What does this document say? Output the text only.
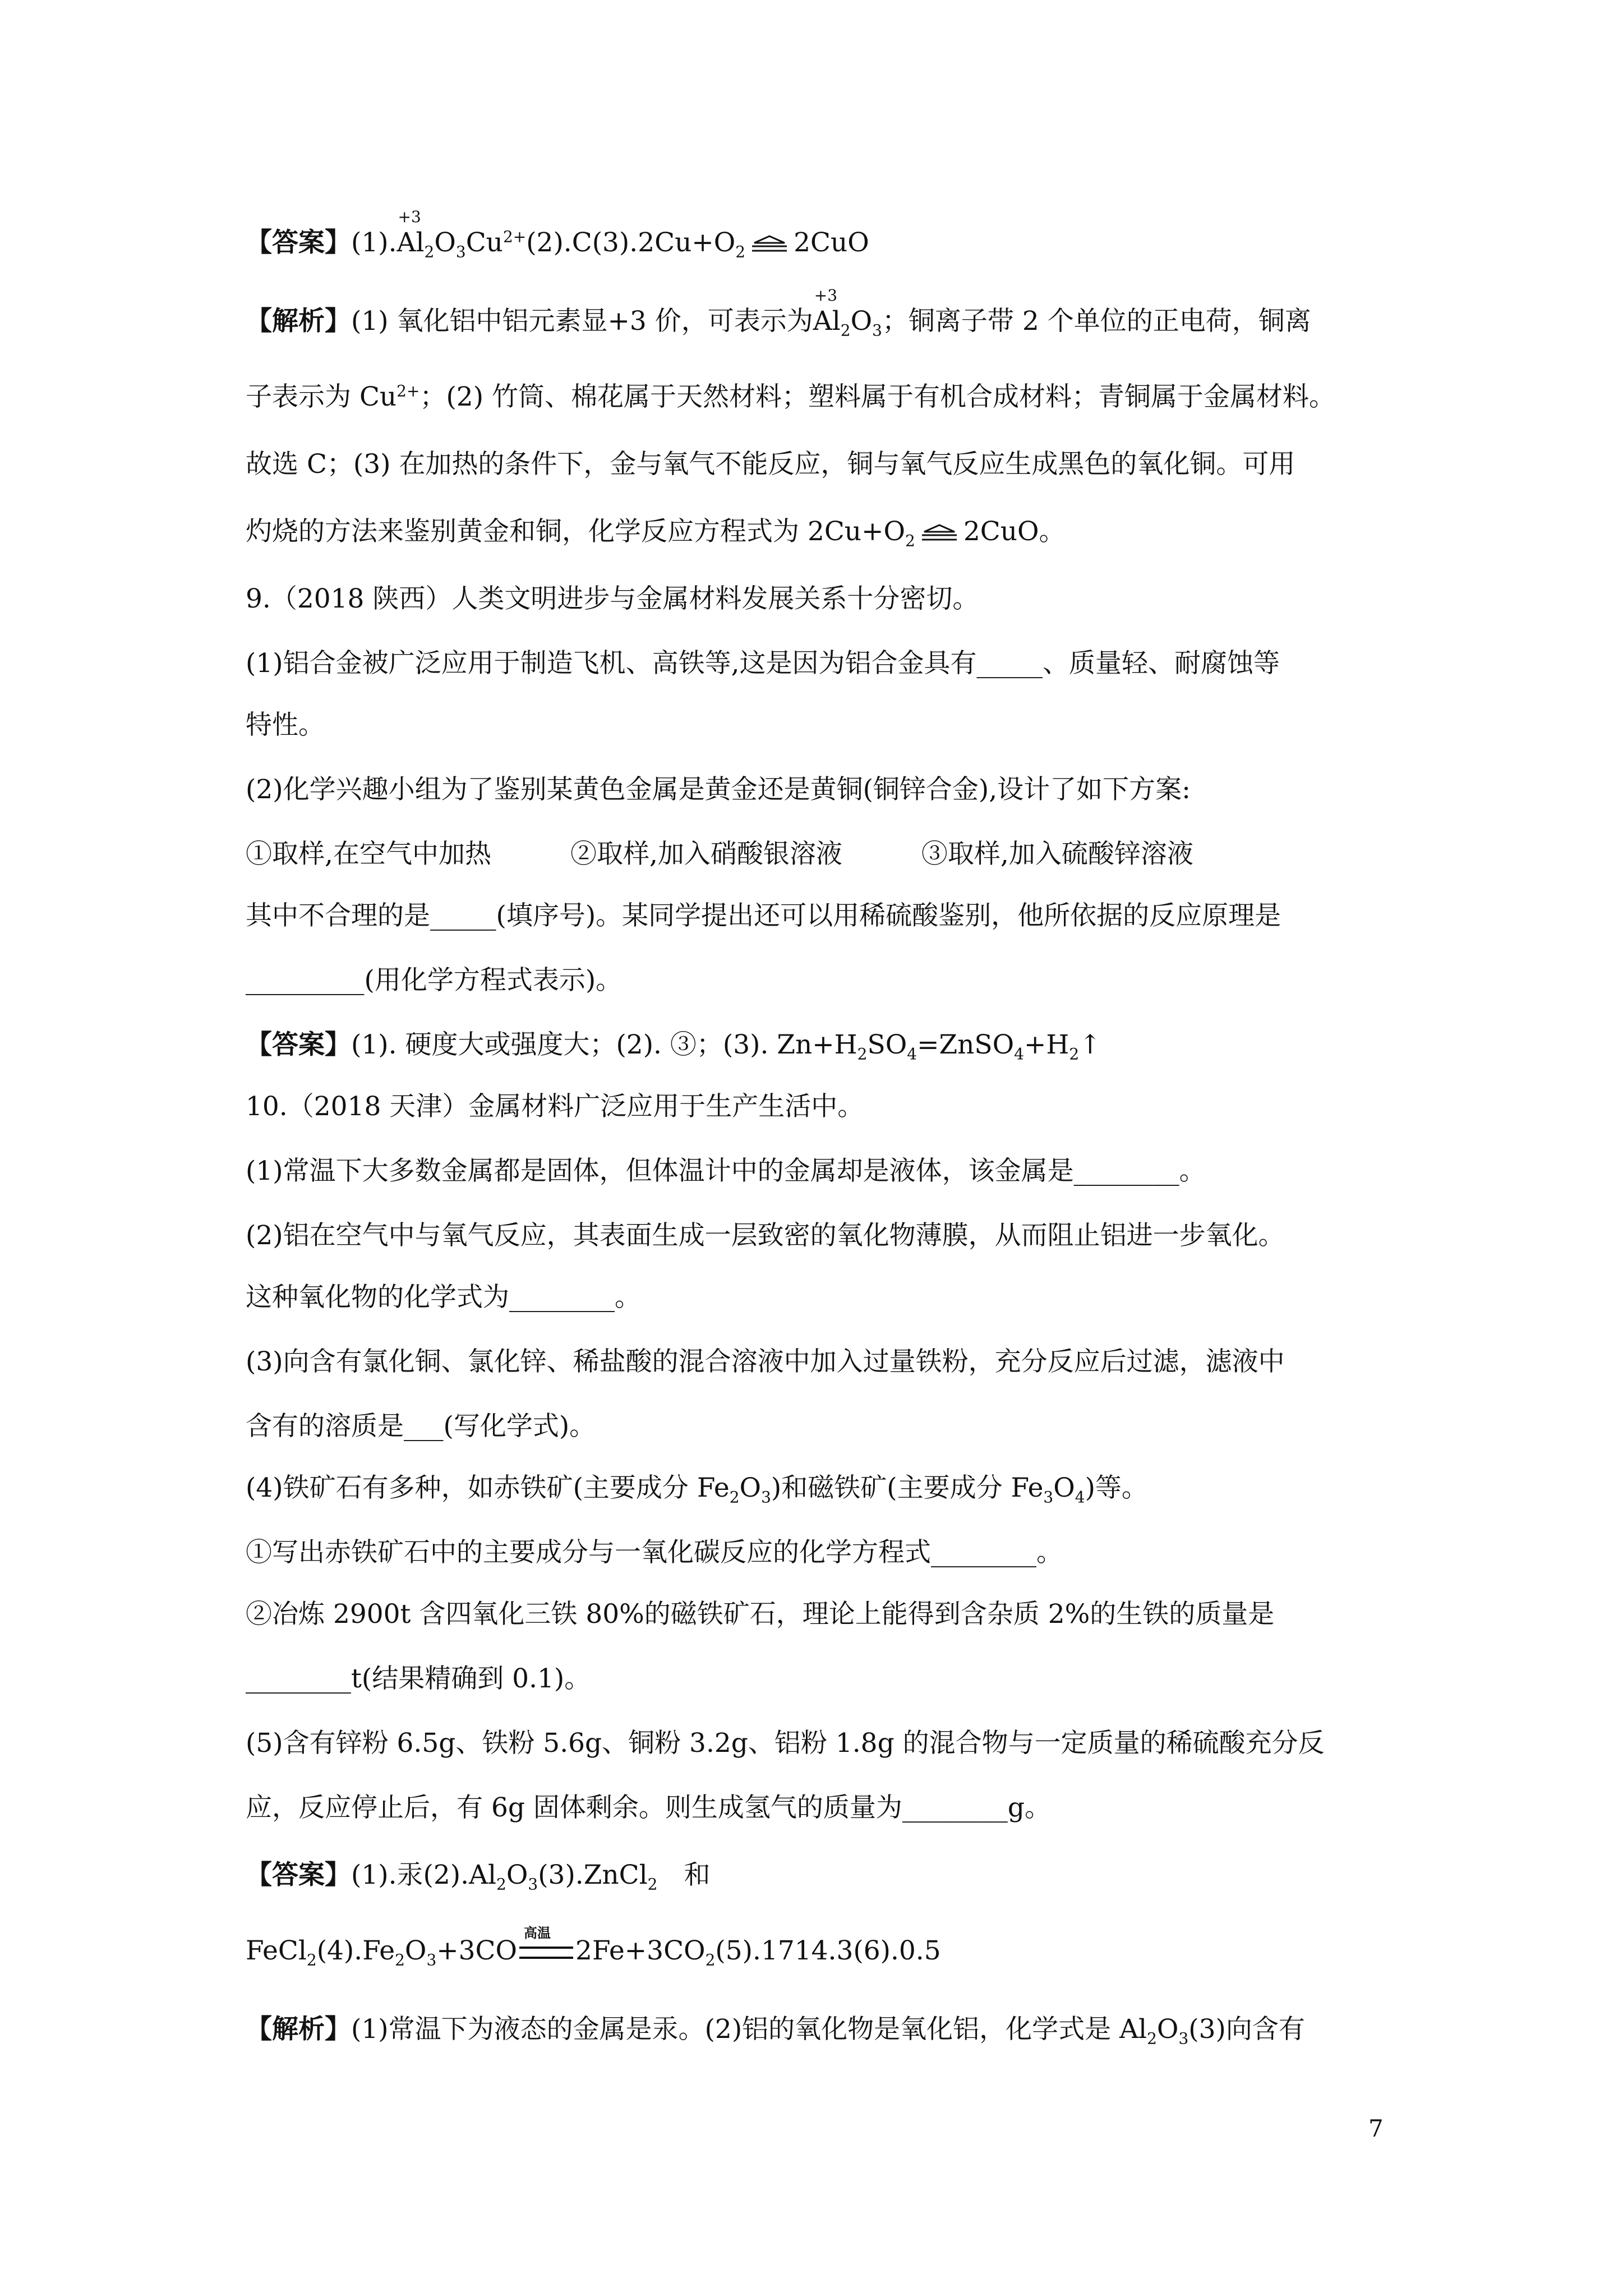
【答案】(1).
+3
$Al_2O_3Cu^{2+}(2).C(3).2Cu+O_2$ 2CuO
【解析】(1) 氧化铝中铝元素显+3 价，可表示为
+3
$Al_2O_3$；铜离子带 2 个单位的正电荷，铜离
子表示为 $Cu^{2+}$；(2) 竹筒、棉花属于天然材料；塑料属于有机合成材料；青铜属于金属材料。
故选 C；(3) 在加热的条件下，金与氧气不能反应，铜与氧气反应生成黑色的氧化铜。可用
灼烧的方法来鉴别黄金和铜，化学反应方程式为 $2Cu+O_2$ 2CuO。
9.（2018 陕西）人类文明进步与金属材料发展关系十分密切。
(1)铝合金被广泛应用于制造飞机、高铁等,这是因为铝合金具有_____、质量轻、耐腐蚀等
特性。
(2)化学兴趣小组为了鉴别某黄色金属是黄金还是黄铜(铜锌合金),设计了如下方案:
①取样,在空气中加热　　　②取样,加入硝酸银溶液　　　③取样,加入硫酸锌溶液
其中不合理的是_____(填序号)。某同学提出还可以用稀硫酸鉴别，他所依据的反应原理是
_________(用化学方程式表示)。
【答案】(1). 硬度大或强度大；(2). ③；(3). $Zn+H_2SO_4=ZnSO_4+H_2↑$
10.（2018 天津）金属材料广泛应用于生产生活中。
(1)常温下大多数金属都是固体，但体温计中的金属却是液体，该金属是________。
(2)铝在空气中与氧气反应，其表面生成一层致密的氧化物薄膜，从而阻止铝进一步氧化。
这种氧化物的化学式为________。
(3)向含有氯化铜、氯化锌、稀盐酸的混合溶液中加入过量铁粉，充分反应后过滤，滤液中
含有的溶质是___(写化学式)。
(4)铁矿石有多种，如赤铁矿(主要成分 $Fe_2O_3$)和磁铁矿(主要成分 $Fe_3O_4$)等。
①写出赤铁矿石中的主要成分与一氧化碳反应的化学方程式________。
②冶炼 2900t 含四氧化三铁 80%的磁铁矿石，理论上能得到含杂质 2%的生铁的质量是
________t(结果精确到 0.1)。
(5)含有锌粉 6.5g、铁粉 5.6g、铜粉 3.2g、铝粉 1.8g 的混合物与一定质量的稀硫酸充分反
应，反应停止后，有 6g 固体剩余。则生成氢气的质量为________g。
【答案】(1).汞$(2).Al_2O_3(3).ZnCl_2$　和
$FeCl_2(4).Fe_2O_3+3CO$
高温
$2Fe+3CO_2(5).1714.3(6).0.5$
【解析】(1)常温下为液态的金属是汞。(2)铝的氧化物是氧化铝，化学式是 $Al_2O_3(3)$向含有
7
